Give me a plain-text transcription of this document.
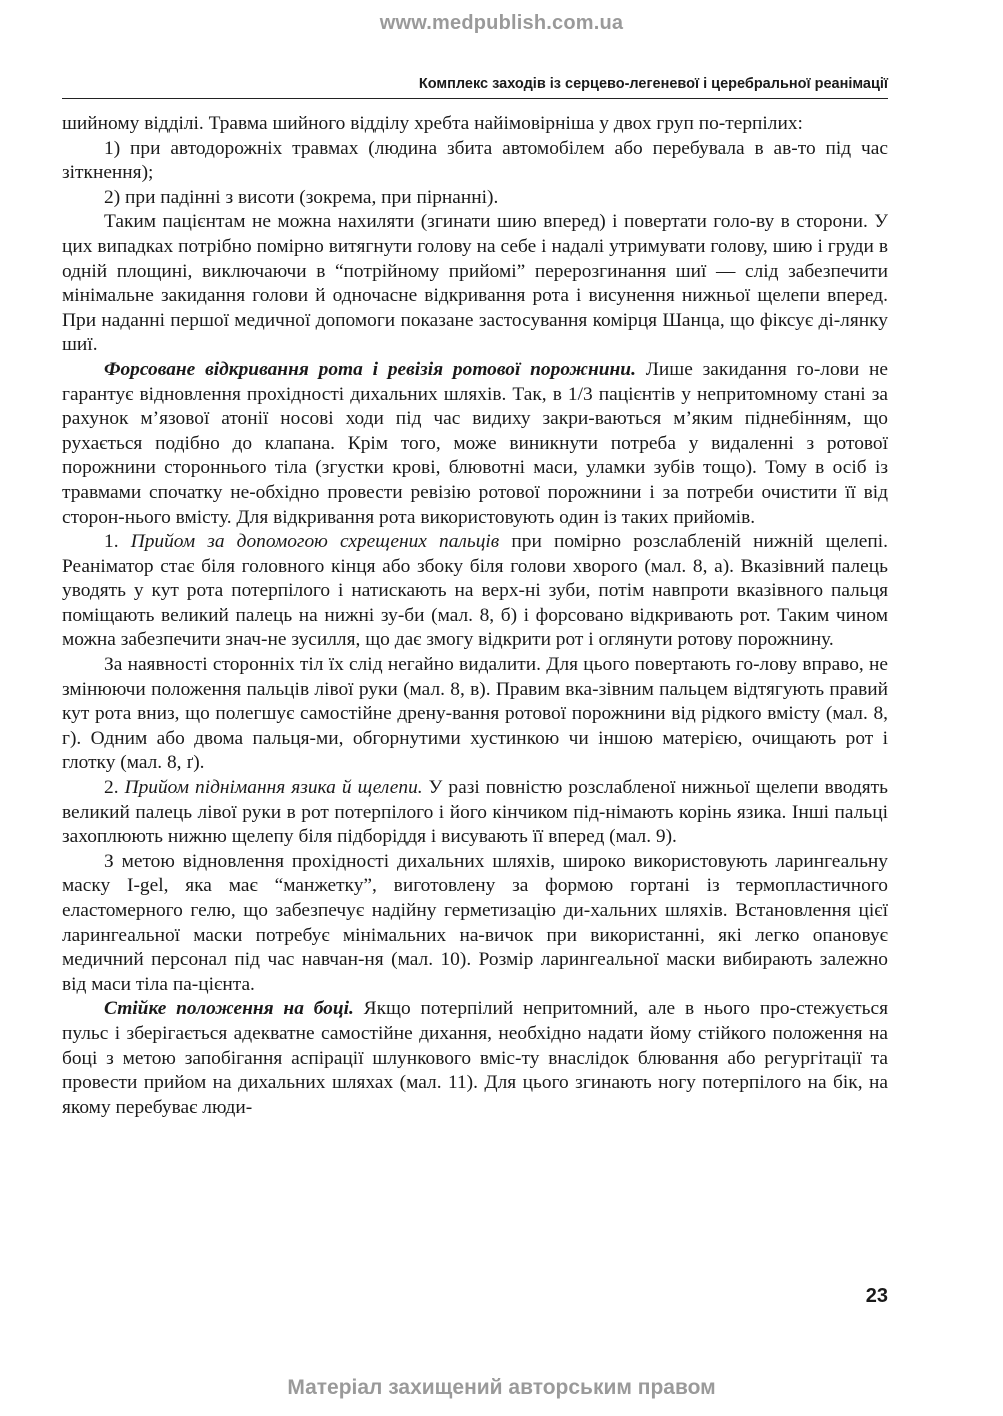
www.medpublish.com.ua
Комплекс заходів із серцево-легеневої і церебральної реанімації

шийному відділі. Травма шийного відділу хребта найімовірніша у двох груп по-терпілих:

1) при автодорожніх травмах (людина збита автомобілем або перебувала в ав-то під час зіткнення);

2) при падінні з висоти (зокрема, при пірнанні).

Таким пацієнтам не можна нахиляти (згинати шию вперед) і повертати голо-ву в сторони. У цих випадках потрібно помірно витягнути голову на себе і надалі утримувати голову, шию і груди в одній площині, виключаючи в “потрійному прийомі” перерозгинання шиї — слід забезпечити мінімальне закидання голови й одночасне відкривання рота і висунення нижньої щелепи вперед. При наданні першої медичної допомоги показане застосування комірця Шанца, що фіксує ді-лянку шиї.

Форсоване відкривання рота і ревізія ротової порожнини. Лише закидання го-лови не гарантує відновлення прохідності дихальних шляхів. Так, в 1/3 пацієнтів у непритомному стані за рахунок м’язової атонії носові ходи під час видиху закри-ваються м’яким піднебінням, що рухається подібно до клапана. Крім того, може виникнути потреба у видаленні з ротової порожнини стороннього тіла (згустки крові, блювотні маси, уламки зубів тощо). Тому в осіб із травмами спочатку не-обхідно провести ревізію ротової порожнини і за потреби очистити її від сторон-нього вмісту. Для відкривання рота використовують один із таких прийомів.

1. Прийом за допомогою схрещених пальців при помірно розслабленій нижній щелепі. Реаніматор стає біля головного кінця або збоку біля голови хворого (мал. 8, а). Вказівний палець уводять у кут рота потерпілого і натискають на верх-ні зуби, потім навпроти вказівного пальця поміщають великий палець на нижні зу-би (мал. 8, б) і форсовано відкривають рот. Таким чином можна забезпечити знач-не зусилля, що дає змогу відкрити рот і оглянути ротову порожнину.

За наявності сторонніх тіл їх слід негайно видалити. Для цього повертають го-лову вправо, не змінюючи положення пальців лівої руки (мал. 8, в). Правим вка-зівним пальцем відтягують правий кут рота вниз, що полегшує самостійне дрену-вання ротової порожнини від рідкого вмісту (мал. 8, г). Одним або двома пальця-ми, обгорнутими хустинкою чи іншою матерією, очищають рот і глотку (мал. 8, ґ).

2. Прийом піднімання язика й щелепи. У разі повністю розслабленої нижньої щелепи вводять великий палець лівої руки в рот потерпілого і його кінчиком під-німають корінь язика. Інші пальці захоплюють нижню щелепу біля підборіддя і висувають її вперед (мал. 9).

З метою відновлення прохідності дихальних шляхів, широко використовують ларингеальну маску I-gel, яка має “манжетку”, виготовлену за формою гортані із термопластичного еластомерного гелю, що забезпечує надійну герметизацію ди-хальних шляхів. Встановлення цієї ларингеальної маски потребує мінімальних на-вичок при використанні, які легко опановує медичний персонал під час навчан-ня (мал. 10). Розмір ларингеальної маски вибирають залежно від маси тіла па-цієнта.

Стійке положення на боці. Якщо потерпілий непритомний, але в нього про-стежується пульс і зберігається адекватне самостійне дихання, необхідно надати йому стійкого положення на боці з метою запобігання аспірації шлункового вміс-ту внаслідок блювання або регургітації та провести прийом на дихальних шляхах (мал. 11). Для цього згинають ногу потерпілого на бік, на якому перебуває люди-

23
Матеріал захищений авторським правом
